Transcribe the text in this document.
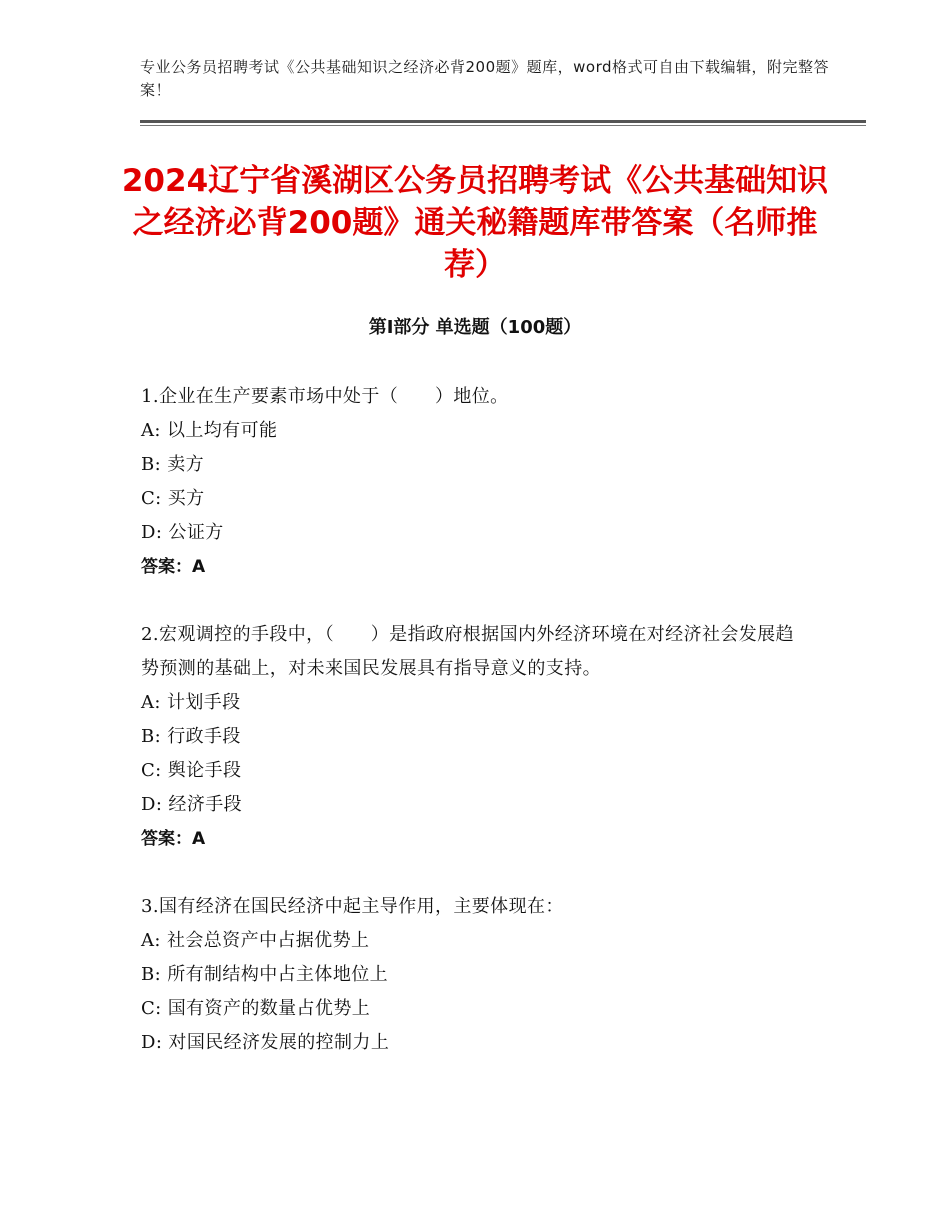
专业公务员招聘考试《公共基础知识之经济必背200题》题库，word格式可自由下载编辑，附完整答案！
2024辽宁省溪湖区公务员招聘考试《公共基础知识之经济必背200题》通关秘籍题库带答案（名师推荐）
第I部分 单选题（100题）

1.企业在生产要素市场中处于（　　）地位。

A: 以上均有可能

B: 卖方

C: 买方

D: 公证方

答案：A

2.宏观调控的手段中，（　　）是指政府根据国内外经济环境在对经济社会发展趋势预测的基础上，对未来国民发展具有指导意义的支持。

A: 计划手段

B: 行政手段

C: 舆论手段

D: 经济手段

答案：A

3.国有经济在国民经济中起主导作用，主要体现在：

A: 社会总资产中占据优势上

B: 所有制结构中占主体地位上

C: 国有资产的数量占优势上

D: 对国民经济发展的控制力上
